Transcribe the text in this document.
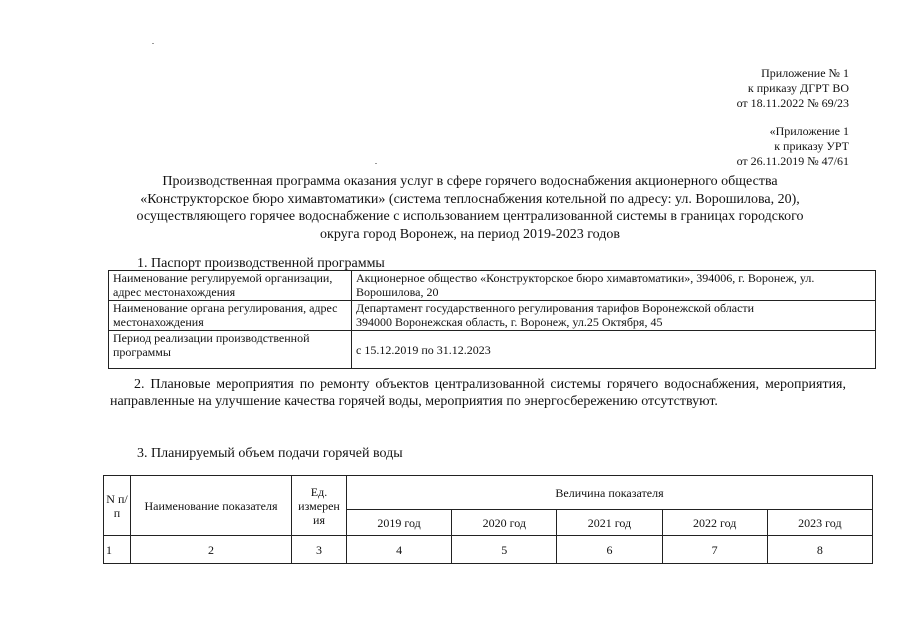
Приложение № 1
к приказу ДГРТ ВО
от 18.11.2022 № 69/23
«Приложение 1
к приказу УРТ
от 26.11.2019 № 47/61
Производственная программа оказания услуг в сфере горячего водоснабжения акционерного общества
«Конструкторское бюро химавтоматики» (система теплоснабжения котельной по адресу: ул. Ворошилова, 20),
осуществляющего горячее водоснабжение с использованием централизованной системы в границах городского
округа город Воронеж, на период 2019-2023 годов
1. Паспорт производственной программы
Наименование регулируемой организации, адрес местонахождения	Акционерное общество «Конструкторское бюро химавтоматики», 394006, г. Воронеж, ул. Ворошилова, 20
Наименование органа регулирования, адрес местонахождения	Департамент государственного регулирования тарифов Воронежской области
394000 Воронежская область, г. Воронеж, ул.25 Октября, 45

Период реализации производственной программы	с 15.12.2019 по 31.12.2023
2. Плановые мероприятия по ремонту объектов централизованной системы горячего водоснабжения, мероприятия, направленные на улучшение качества горячей воды, мероприятия по энергосбережению отсутствуют.
3. Планируемый объем подачи горячей воды
N п/ п	Наименование показателя	Ед. измерен ия	Величина показателя				
			2019 год	2020 год	2021 год	2022 год	2023 год
1	2	3	4	5	6	7	8
